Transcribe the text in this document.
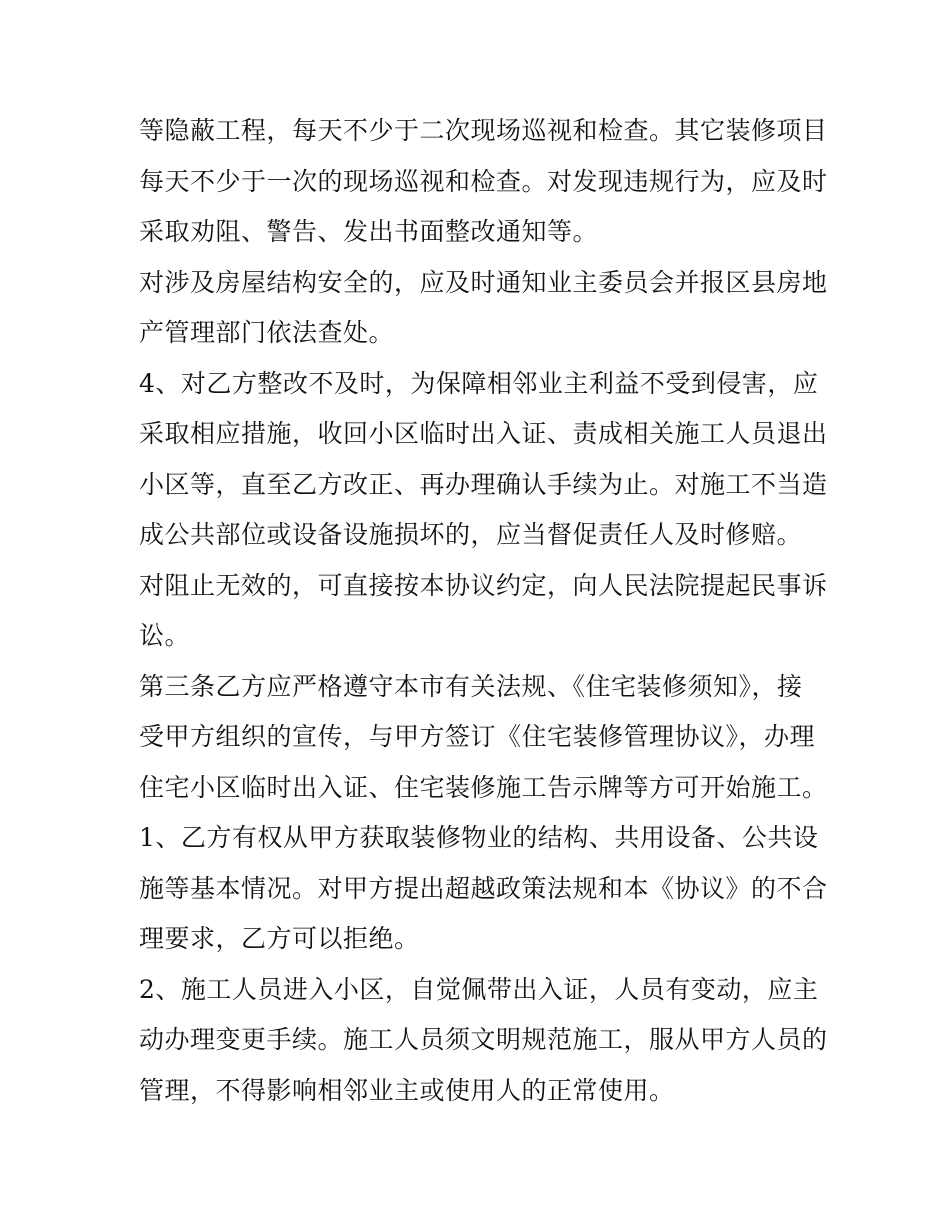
等隐蔽工程，每天不少于二次现场巡视和检查。其它装修项目
每天不少于一次的现场巡视和检查。对发现违规行为，应及时
采取劝阻、警告、发出书面整改通知等。
对涉及房屋结构安全的，应及时通知业主委员会并报区县房地
产管理部门依法查处。
4、对乙方整改不及时，为保障相邻业主利益不受到侵害，应
采取相应措施，收回小区临时出入证、责成相关施工人员退出
小区等，直至乙方改正、再办理确认手续为止。对施工不当造
成公共部位或设备设施损坏的，应当督促责任人及时修赔。
对阻止无效的，可直接按本协议约定，向人民法院提起民事诉
讼。
第三条乙方应严格遵守本市有关法规、《住宅装修须知》，接
受甲方组织的宣传，与甲方签订《住宅装修管理协议》，办理
住宅小区临时出入证、住宅装修施工告示牌等方可开始施工。
1、乙方有权从甲方获取装修物业的结构、共用设备、公共设
施等基本情况。对甲方提出超越政策法规和本《协议》的不合
理要求，乙方可以拒绝。
2、施工人员进入小区，自觉佩带出入证，人员有变动，应主
动办理变更手续。施工人员须文明规范施工，服从甲方人员的
管理，不得影响相邻业主或使用人的正常使用。
